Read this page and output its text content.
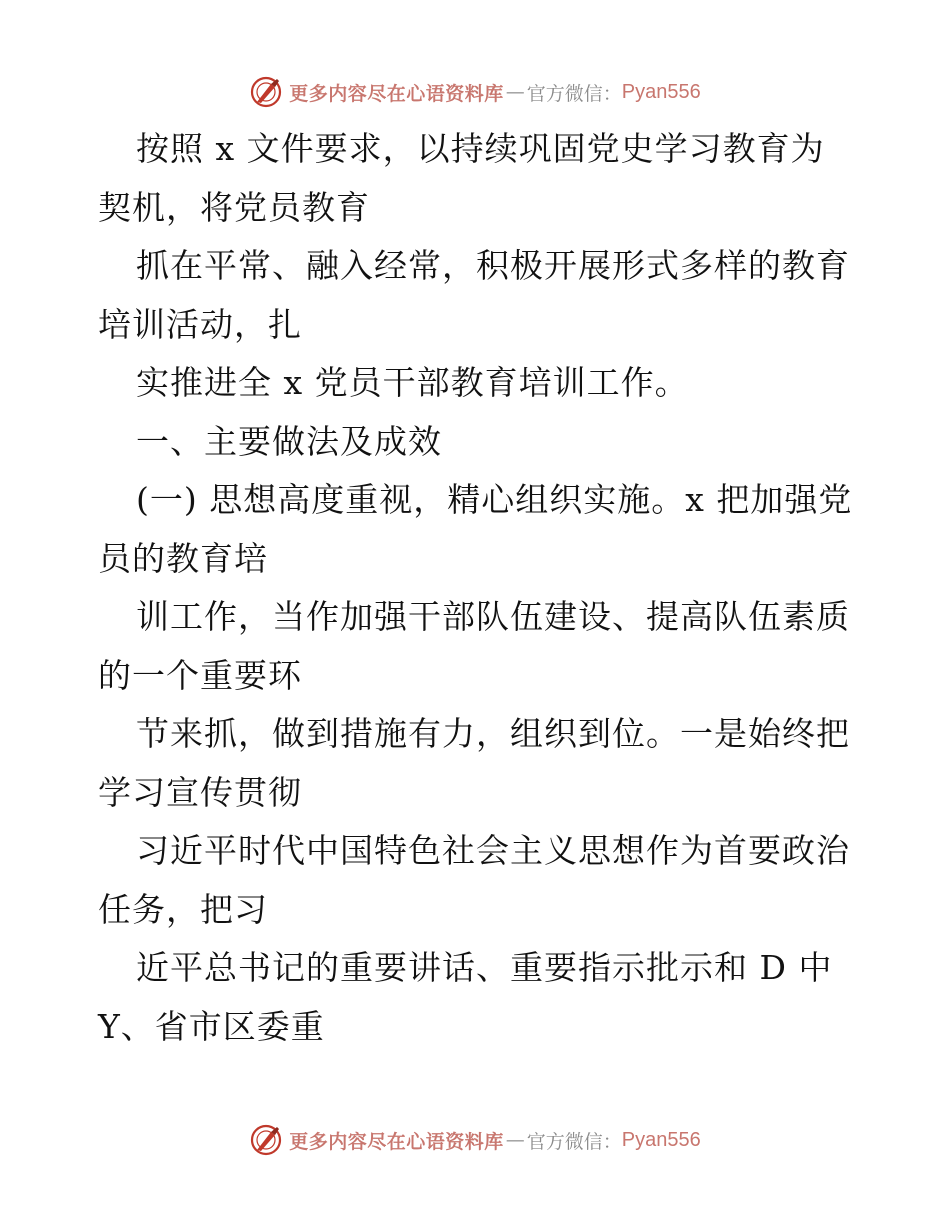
更多内容尽在心语资料库 — 官方微信： Pyan556
按照 x 文件要求，以持续巩固党史学习教育为
契机，将党员教育
抓在平常、融入经常，积极开展形式多样的教育
培训活动，扎
实推进全 x 党员干部教育培训工作。
一、主要做法及成效
(一) 思想高度重视，精心组织实施。x 把加强党
员的教育培
训工作，当作加强干部队伍建设、提高队伍素质
的一个重要环
节来抓，做到措施有力，组织到位。一是始终把
学习宣传贯彻
习近平时代中国特色社会主义思想作为首要政治
任务，把习
近平总书记的重要讲话、重要指示批示和 D 中
Y、省市区委重
更多内容尽在心语资料库 — 官方微信： Pyan556
